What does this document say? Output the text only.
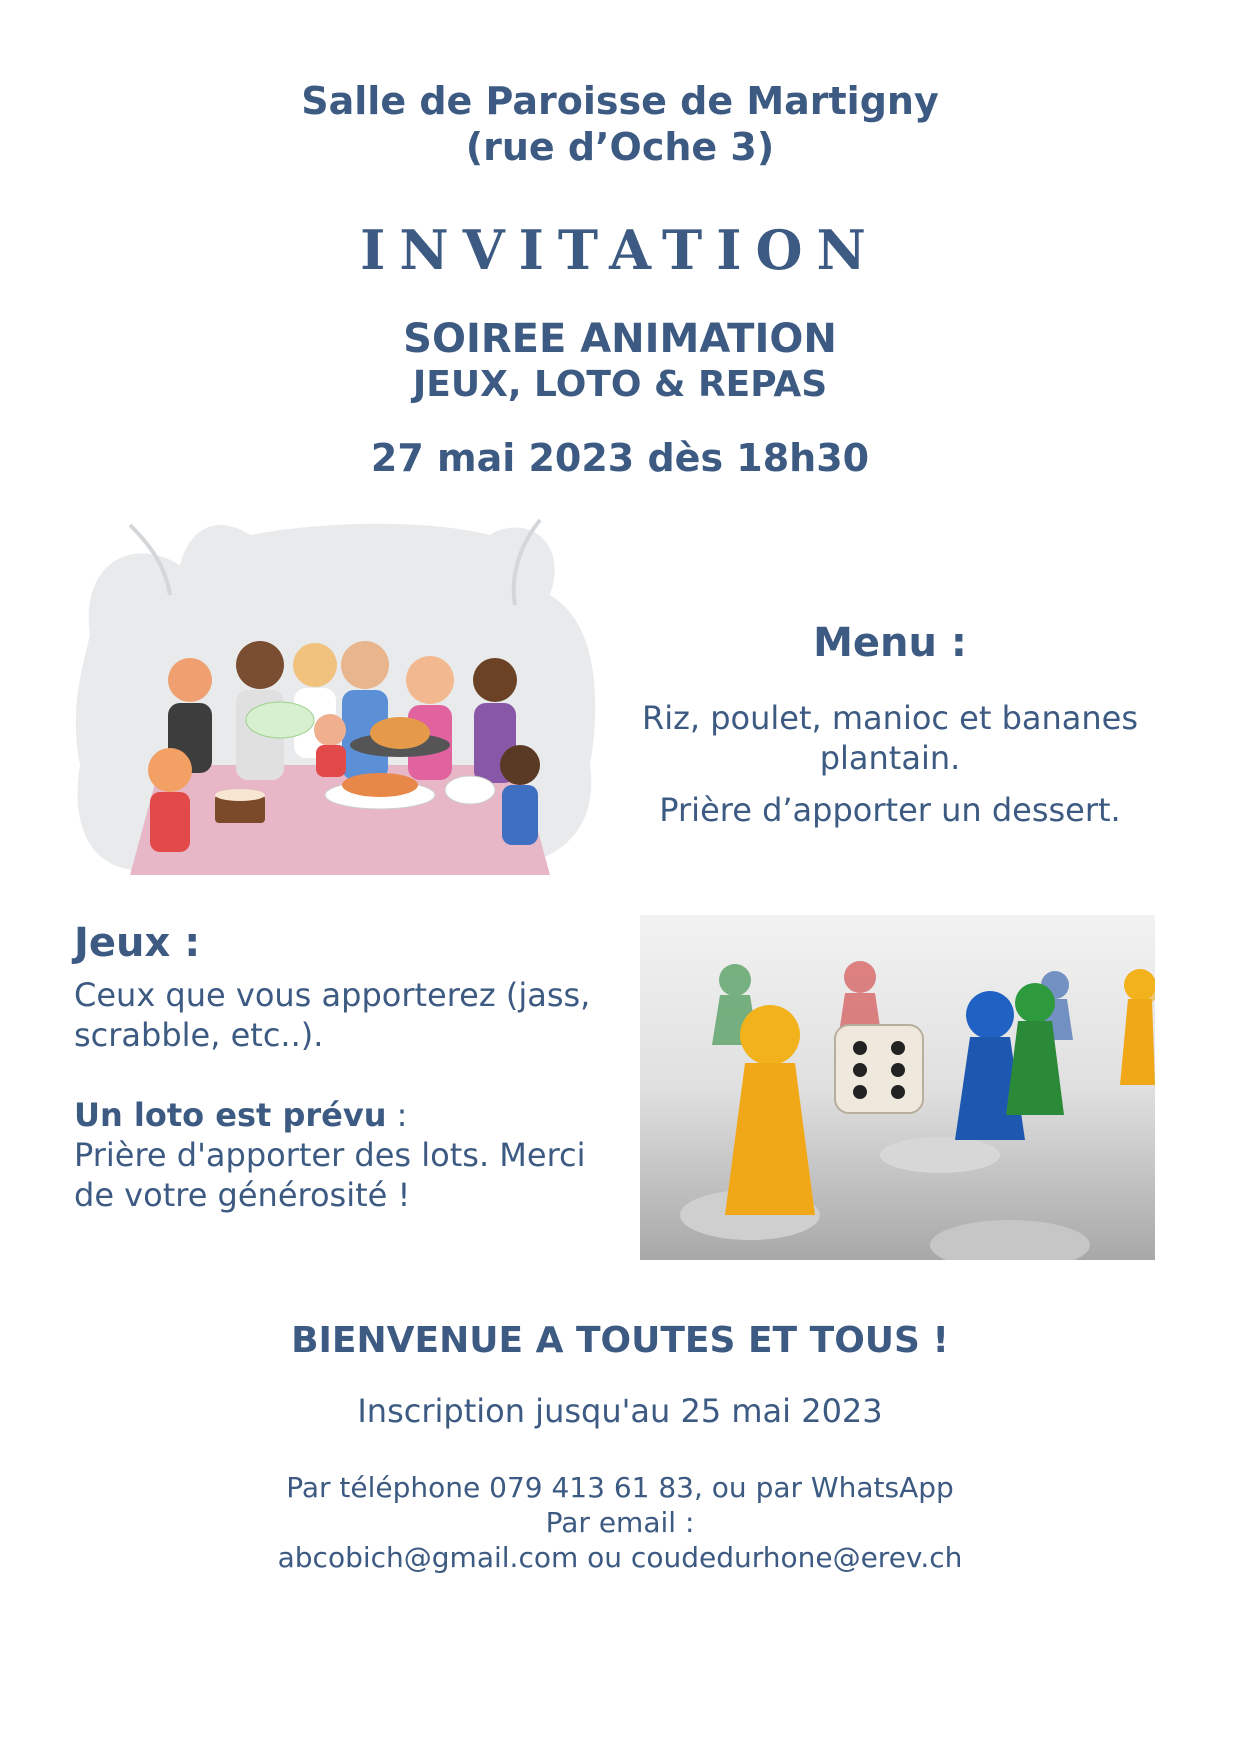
Salle de Paroisse de Martigny
(rue d’Oche 3)
INVITATION
SOIREE ANIMATION
JEUX, LOTO & REPAS
27 mai 2023 dès 18h30
Menu :
Riz, poulet, manioc et bananes plantain.
Prière d’apporter un dessert.
Jeux :
Ceux que vous apporterez (jass, scrabble, etc..).
Un loto est prévu :
Prière d'apporter des lots. Merci de votre générosité !
BIENVENUE A TOUTES ET TOUS !
Inscription jusqu'au 25 mai 2023
Par téléphone 079 413 61 83, ou par WhatsApp
Par email :
abcobich@gmail.com ou coudedurhone@erev.ch
